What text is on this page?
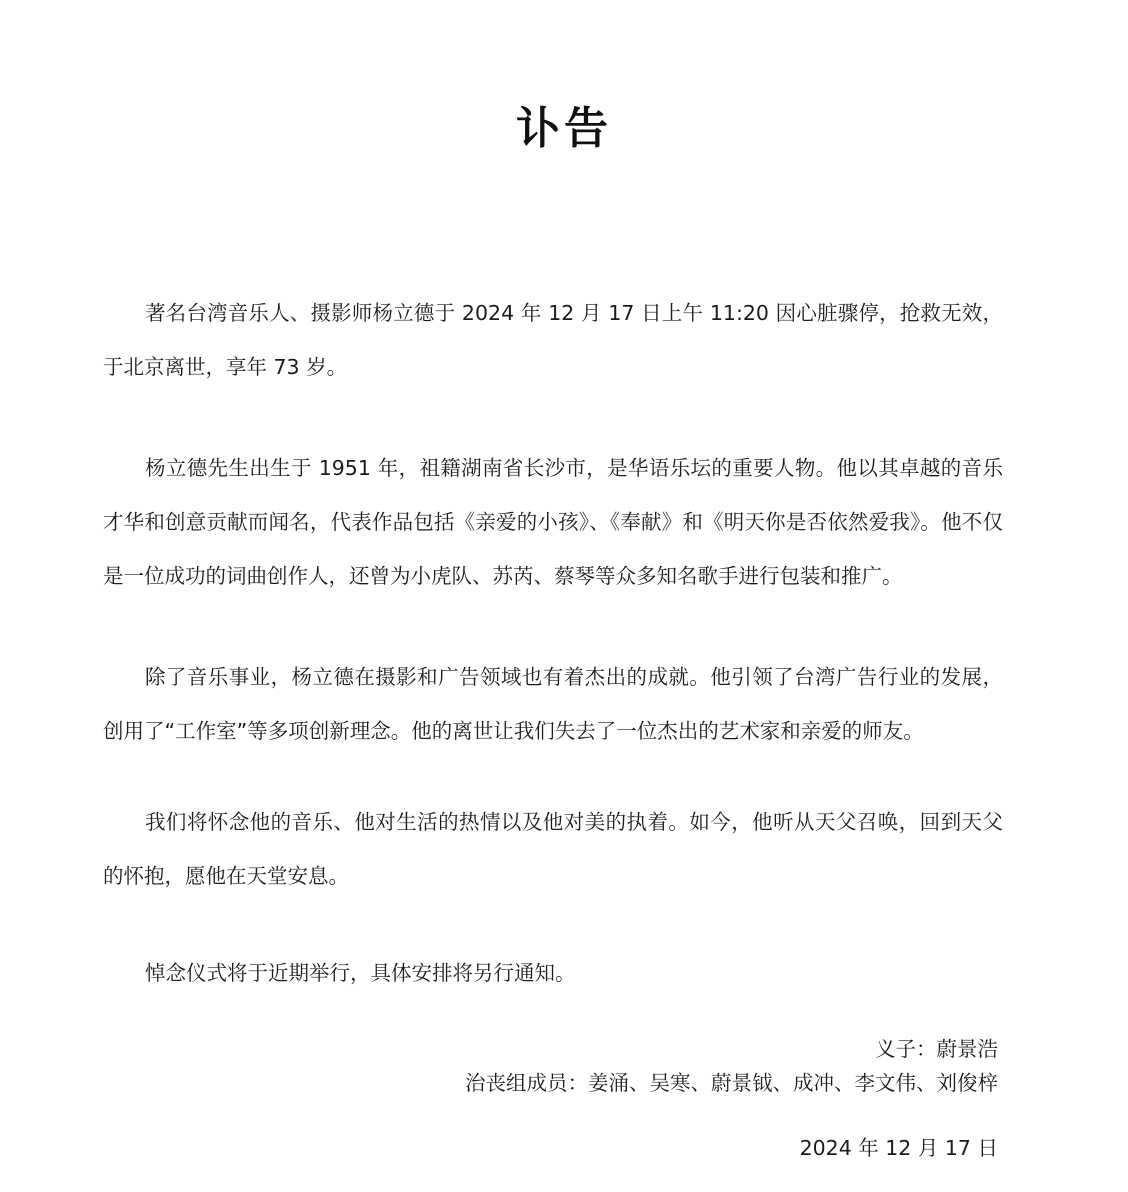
讣告

著名台湾音乐人、摄影师杨立德于 2024 年 12 月 17 日上午 11:20 因心脏骤停，抢救无效，于北京离世，享年 73 岁。

杨立德先生出生于 1951 年，祖籍湖南省长沙市，是华语乐坛的重要人物。他以其卓越的音乐才华和创意贡献而闻名，代表作品包括《亲爱的小孩》、《奉献》和《明天你是否依然爱我》。他不仅是一位成功的词曲创作人，还曾为小虎队、苏芮、蔡琴等众多知名歌手进行包装和推广。

除了音乐事业，杨立德在摄影和广告领域也有着杰出的成就。他引领了台湾广告行业的发展，创用了“工作室”等多项创新理念。他的离世让我们失去了一位杰出的艺术家和亲爱的师友。

我们将怀念他的音乐、他对生活的热情以及他对美的执着。如今，他听从天父召唤，回到天父的怀抱，愿他在天堂安息。

悼念仪式将于近期举行，具体安排将另行通知。

义子：蔚景浩
治丧组成员：姜涌、吴寒、蔚景钺、成冲、李文伟、刘俊梓
2024 年 12 月 17 日
